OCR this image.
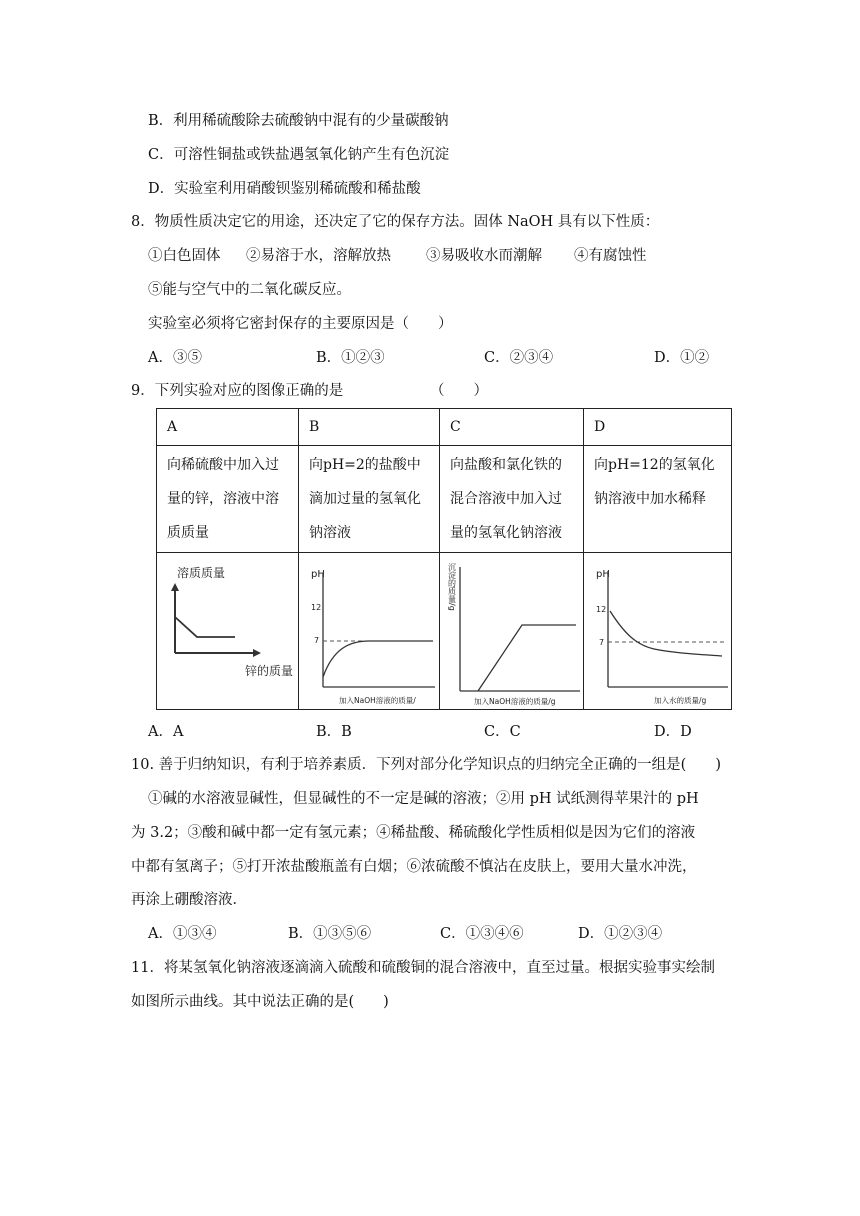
B．利用稀硫酸除去硫酸钠中混有的少量碳酸钠
C．可溶性铜盐或铁盐遇氢氧化钠产生有色沉淀
D．实验室利用硝酸钡鉴别稀硫酸和稀盐酸
8．物质性质决定它的用途，还决定了它的保存方法。固体 NaOH 具有以下性质：
①白色固体 ②易溶于水，溶解放热 ③易吸收水而潮解 ④有腐蚀性
⑤能与空气中的二氧化碳反应。
实验室必须将它密封保存的主要原因是（　　）
A．③⑤	B．①②③	C．②③④	D．①②
9．下列实验对应的图像正确的是	（　　）
A	B	C	D
向稀硫酸中加入过量的锌，溶液中溶质质量	向pH=2的盐酸中滴加过量的氢氧化钠溶液	向盐酸和氯化铁的混合溶液中加入过量的氢氧化钠溶液	向pH=12的氢氧化钠溶液中加水稀释

溶质质量
锌的质量	pH
12
7
加入NaOH溶液的质量/	沉淀的质量/g
加入NaOH溶液的质量/g	pH
12
7
加入水的质量/g
A．A	B．B	C．C	D．D
10. 善于归纳知识，有利于培养素质．下列对部分化学知识点的归纳完全正确的一组是(　　)
①碱的水溶液显碱性，但显碱性的不一定是碱的溶液；②用 pH 试纸测得苹果汁的 pH
为 3.2；③酸和碱中都一定有氢元素；④稀盐酸、稀硫酸化学性质相似是因为它们的溶液
中都有氢离子；⑤打开浓盐酸瓶盖有白烟；⑥浓硫酸不慎沾在皮肤上，要用大量水冲洗，
再涂上硼酸溶液．
A．①③④	B．①③⑤⑥	C．①③④⑥	D．①②③④
11．将某氢氧化钠溶液逐滴滴入硫酸和硫酸铜的混合溶液中，直至过量。根据实验事实绘制
如图所示曲线。其中说法正确的是(　　)
